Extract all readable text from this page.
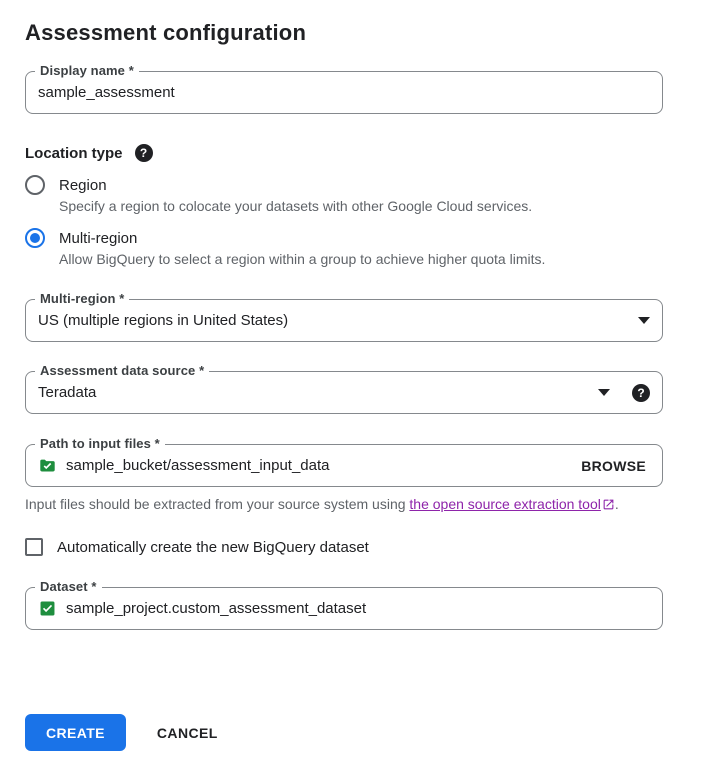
Assessment configuration
Display name *
sample_assessment
Location type	?
Region
Specify a region to colocate your datasets with other Google Cloud services.
Multi-region
Allow BigQuery to select a region within a group to achieve higher quota limits.
Multi-region *
US (multiple regions in United States)
Assessment data source *
Teradata	?
Path to input files *
sample_bucket/assessment_input_data	BROWSE
Input files should be extracted from your source system using the open source extraction tool .
Automatically create the new BigQuery dataset
Dataset *
sample_project.custom_assessment_dataset
CREATE	CANCEL
